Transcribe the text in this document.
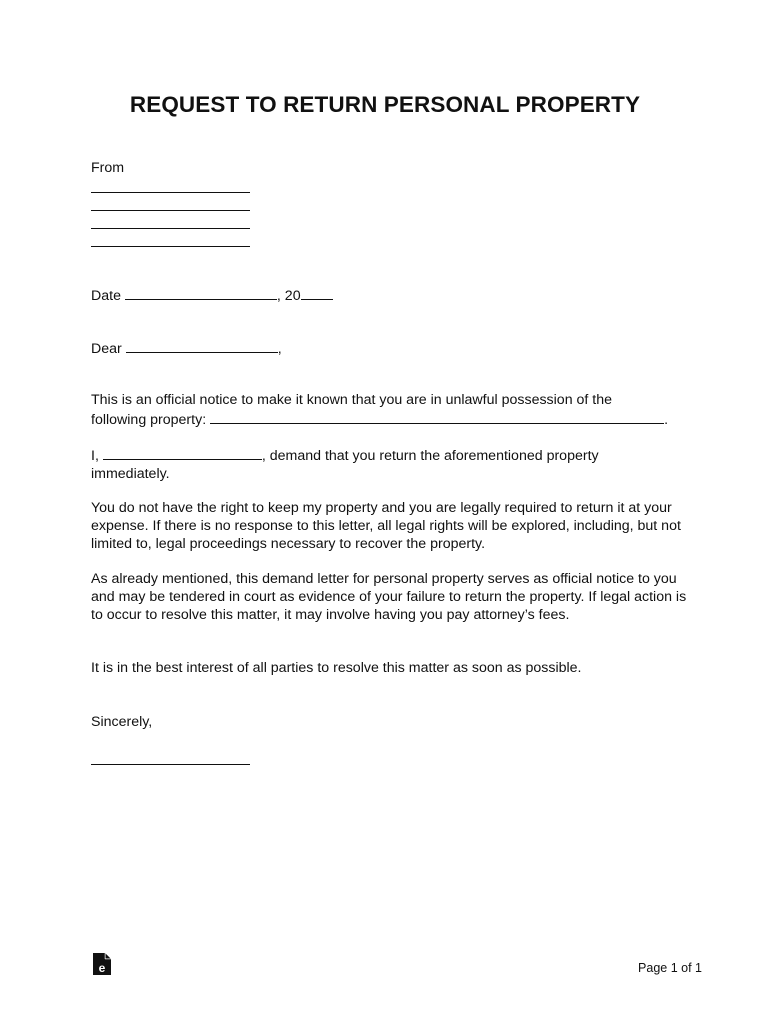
REQUEST TO RETURN PERSONAL PROPERTY
From
Date	, 20
Dear	,

This is an official notice to make it known that you are in unlawful possession of the

following property:	.

I,	, demand that you return the aforementioned property

immediately.

You do not have the right to keep my property and you are legally required to return it at your expense. If there is no response to this letter, all legal rights will be explored, including, but not limited to, legal proceedings necessary to recover the property.
As already mentioned, this demand letter for personal property serves as official notice to you and may be tendered in court as evidence of your failure to return the property. If legal action is to occur to resolve this matter, it may involve having you pay attorney’s fees.
It is in the best interest of all parties to resolve this matter as soon as possible.
Sincerely,
e	Page 1 of 1
